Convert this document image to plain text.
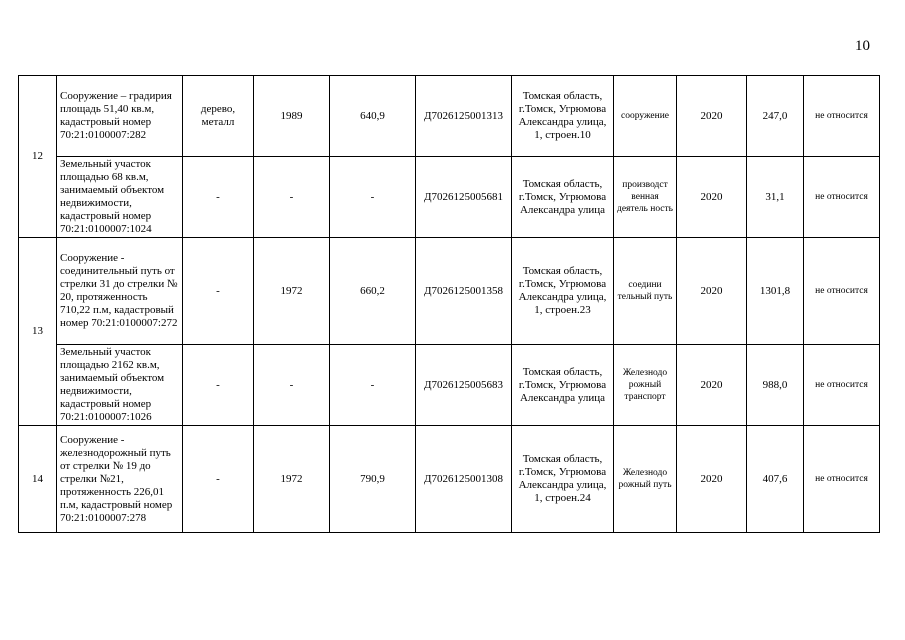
10
12	Сооружение – градирия площадь 51,40 кв.м, кадастровый номер 70:21:0100007:282	дерево, металл	1989	640,9	Д7026125001313	Томская область, г.Томск, Угрюмова Александра улица, 1, строен.10	сооружение	2020	247,0	не относится
	Земельный участок площадью 68 кв.м, занимаемый объектом недвижимости, кадастровый номер 70:21:0100007:1024	-	-	-	Д7026125005681	Томская область, г.Томск, Угрюмова Александра улица	производст венная деятель ность	2020	31,1	не относится
13	Сооружение - соединительный путь от стрелки 31 до стрелки № 20, протяженность 710,22 п.м, кадастровый номер 70:21:0100007:272	-	1972	660,2	Д7026125001358	Томская область, г.Томск, Угрюмова Александра улица, 1, строен.23	соедини тельный путь	2020	1301,8	не относится
	Земельный участок площадью 2162 кв.м, занимаемый объектом недвижимости, кадастровый номер 70:21:0100007:1026	-	-	-	Д7026125005683	Томская область, г.Томск, Угрюмова Александра улица	Железнодо рожный транспорт	2020	988,0	не относится
14	Сооружение - железнодорожный путь от стрелки № 19 до стрелки №21, протяженность 226,01 п.м, кадастровый номер 70:21:0100007:278	-	1972	790,9	Д7026125001308	Томская область, г.Томск, Угрюмова Александра улица, 1, строен.24	Железнодо рожный путь	2020	407,6	не относится
